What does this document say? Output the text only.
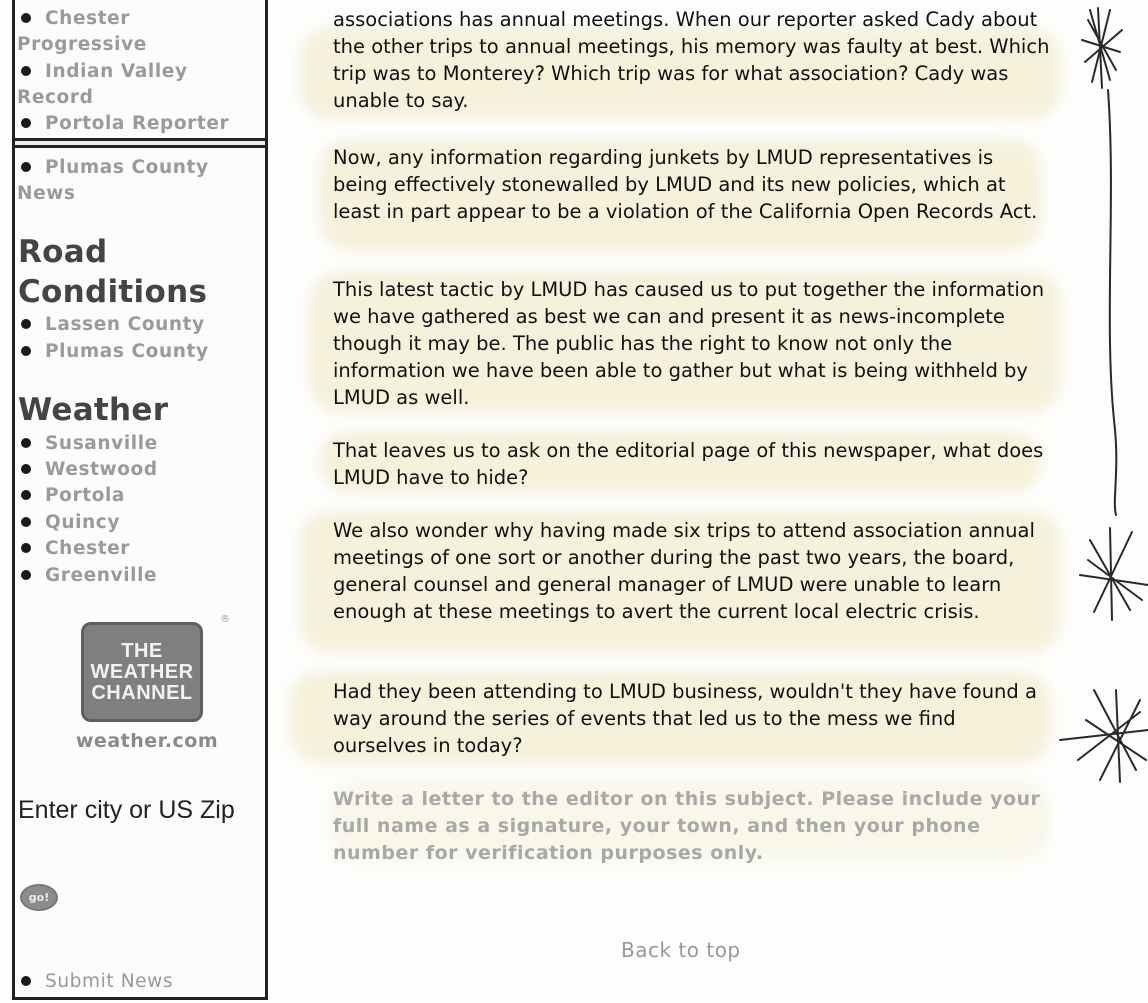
Chester Progressive
Indian Valley Record
Portola Reporter
Plumas County News
Road Conditions
Lassen County
Plumas County
Weather
Susanville
Westwood
Portola
Quincy
Chester
Greenville
THE
WEATHER
CHANNEL
®
weather.com
Enter city or US Zip
go!
Submit News

associations has annual meetings. When our reporter asked Cady about the other trips to annual meetings, his memory was faulty at best. Which trip was to Monterey? Which trip was for what association? Cady was unable to say.

Now, any information regarding junkets by LMUD representatives is being effectively stonewalled by LMUD and its new policies, which at least in part appear to be a violation of the California Open Records Act.

This latest tactic by LMUD has caused us to put together the information we have gathered as best we can and present it as news-incomplete though it may be. The public has the right to know not only the information we have been able to gather but what is being withheld by LMUD as well.

That leaves us to ask on the editorial page of this newspaper, what does LMUD have to hide?

We also wonder why having made six trips to attend association annual meetings of one sort or another during the past two years, the board, general counsel and general manager of LMUD were unable to learn enough at these meetings to avert the current local electric crisis.

Had they been attending to LMUD business, wouldn't they have found a way around the series of events that led us to the mess we find ourselves in today?

Write a letter to the editor on this subject. Please include your full name as a signature, your town, and then your phone number for verification purposes only.

Back to top
